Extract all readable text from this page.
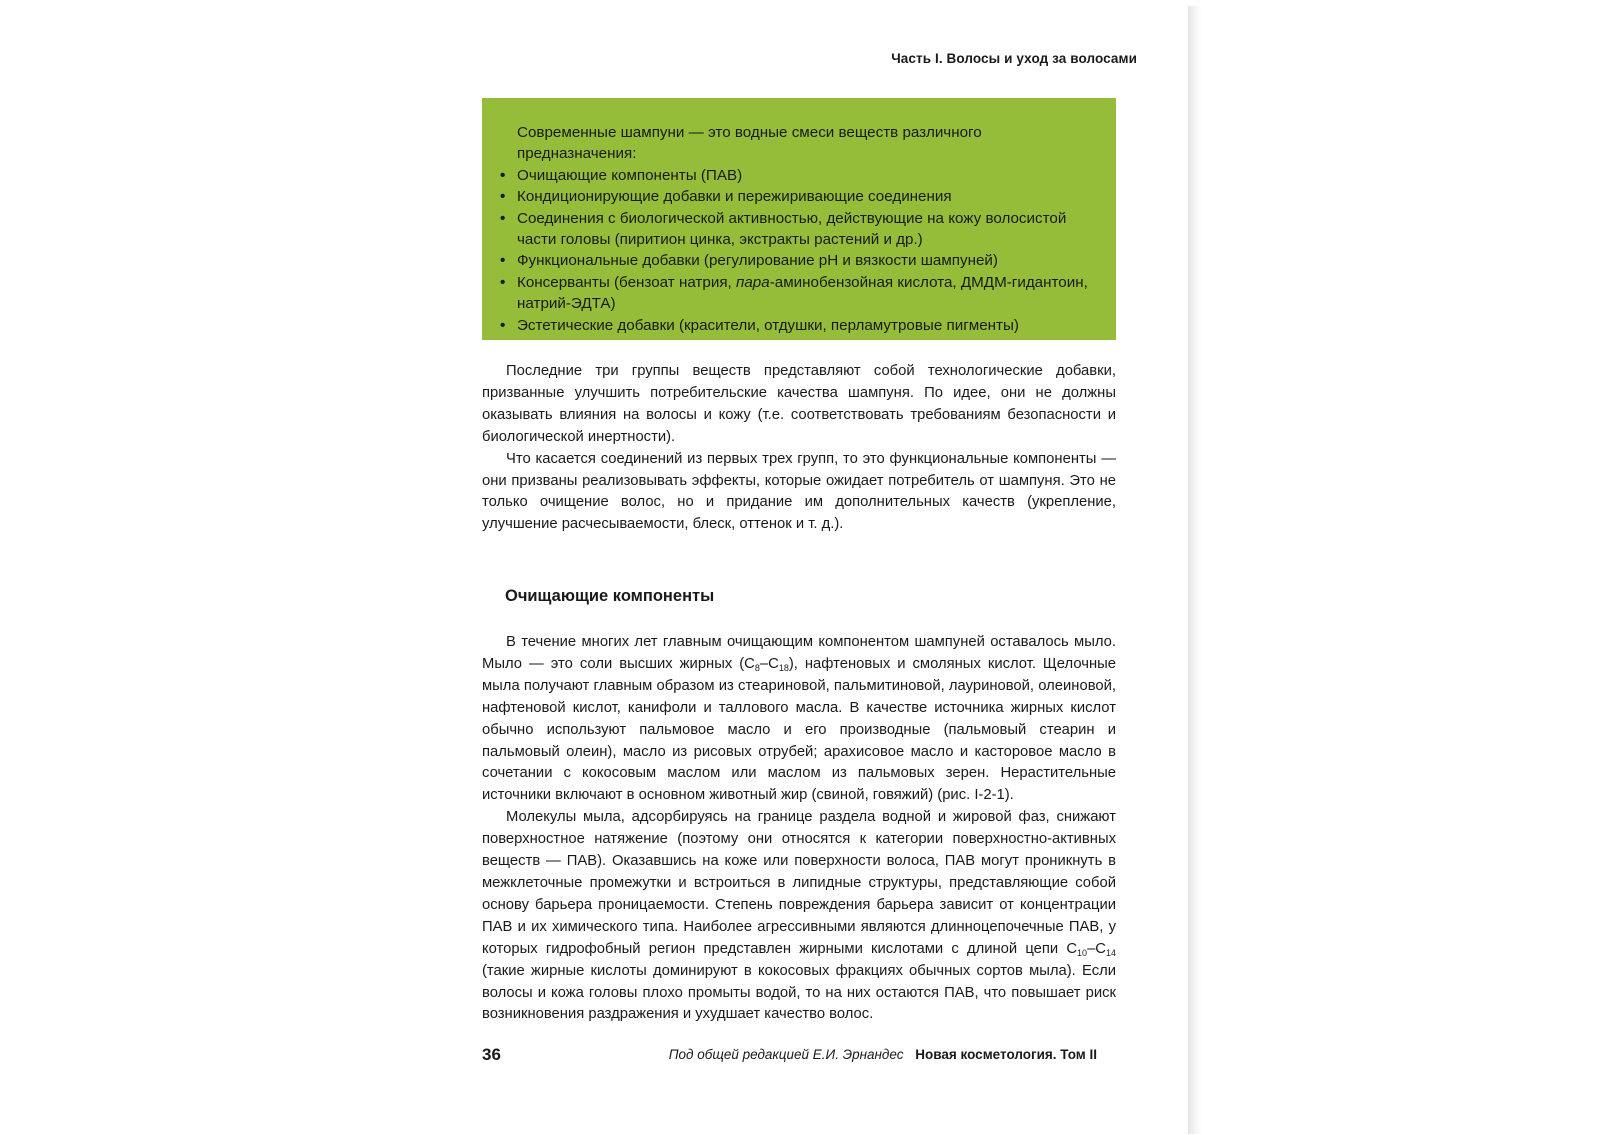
Часть I. Волосы и уход за волосами

Современные шампуни — это водные смеси веществ различного предназначения:

• Очищающие компоненты (ПАВ)
• Кондиционирующие добавки и пережиривающие соединения
• Соединения с биологической активностью, действующие на кожу волосистой части головы (пиритион цинка, экстракты растений и др.)
• Функциональные добавки (регулирование pH и вязкости шампуней)
• Консерванты (бензоат натрия, пара-аминобензойная кислота, ДМДМ-гидантоин, натрий-ЭДТА)
• Эстетические добавки (красители, отдушки, перламутровые пигменты)

Последние три группы веществ представляют собой технологические добавки, призванные улучшить потребительские качества шампуня. По идее, они не должны оказывать влияния на волосы и кожу (т.е. соответствовать требованиям безопасности и биологической инертности).

Что касается соединений из первых трех групп, то это функциональные компоненты — они призваны реализовывать эффекты, которые ожидает потребитель от шампуня. Это не только очищение волос, но и придание им дополнительных качеств (укрепление, улучшение расчесываемости, блеск, оттенок и т. д.).

Очищающие компоненты

В течение многих лет главным очищающим компонентом шампуней оставалось мыло. Мыло — это соли высших жирных $(C_8-C_{18})$, нафтеновых и смоляных кислот. Щелочные мыла получают главным образом из стеариновой, пальмитиновой, лауриновой, олеиновой, нафтеновой кислот, канифоли и таллового масла. В качестве источника жирных кислот обычно используют пальмовое масло и его производные (пальмовый стеарин и пальмовый олеин), масло из рисовых отрубей; арахисовое масло и касторовое масло в сочетании с кокосовым маслом или маслом из пальмовых зерен. Нерастительные источники включают в основном животный жир (свиной, говяжий) (рис. I-2-1).

Молекулы мыла, адсорбируясь на границе раздела водной и жировой фаз, снижают поверхностное натяжение (поэтому они относятся к категории поверхностно-активных веществ — ПАВ). Оказавшись на коже или поверхности волоса, ПАВ могут проникнуть в межклеточные промежутки и встроиться в липидные структуры, представляющие собой основу барьера проницаемости. Степень повреждения барьера зависит от концентрации ПАВ и их химического типа. Наиболее агрессивными являются длинноцепочечные ПАВ, у которых гидрофобный регион представлен жирными кислотами с длиной цепи $C_{10}-C_{14}$ (такие жирные кислоты доминируют в кокосовых фракциях обычных сортов мыла). Если волосы и кожа головы плохо промыты водой, то на них остаются ПАВ, что повышает риск возникновения раздражения и ухудшает качество волос.

36	Под общей редакцией Е.И. Эрнандес Новая косметология. Том II
